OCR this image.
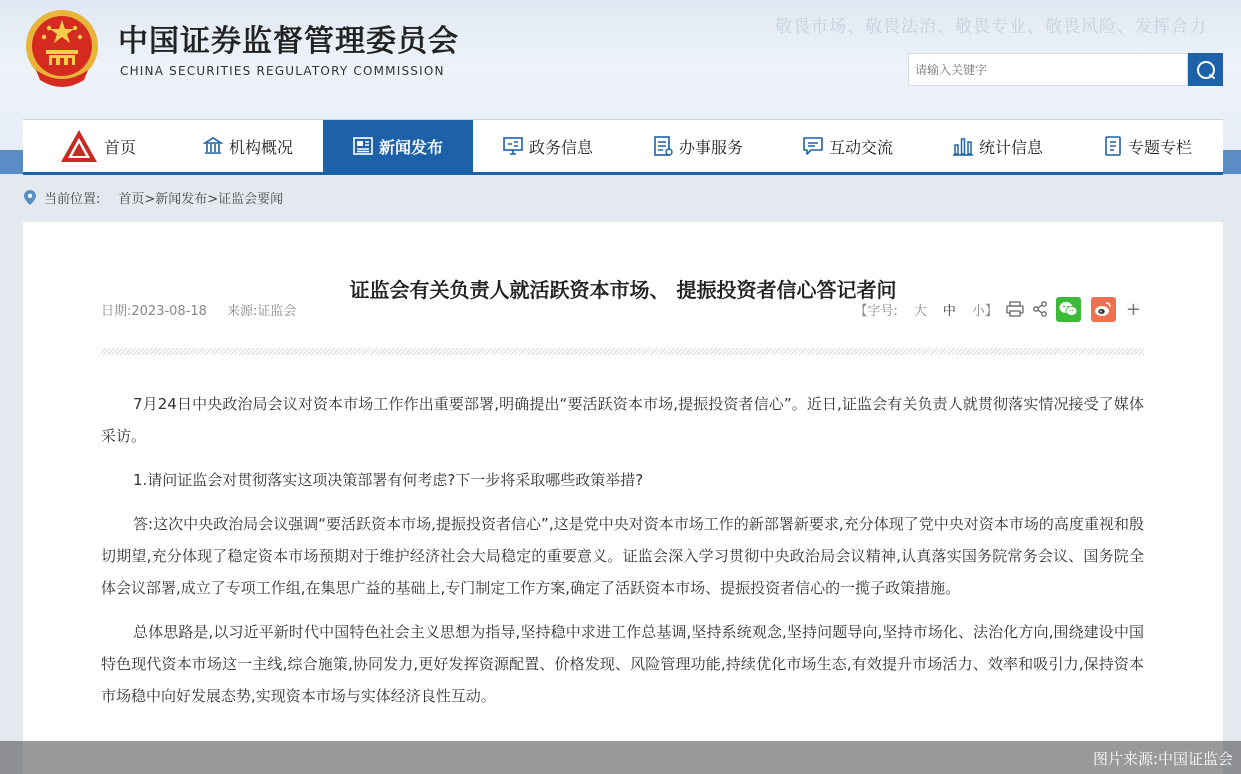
中国证券监督管理委员会
CHINA SECURITIES REGULATORY COMMISSION
敬畏市场、敬畏法治、敬畏专业、敬畏风险、发挥合力
请输入关键字
首页	机构概况	新闻发布	政务信息	办事服务	互动交流	统计信息	专题专栏
当前位置: 首页>新闻发布>证监会要闻
证监会有关负责人就活跃资本市场、 提振投资者信心答记者问
日期:2023-08-18 来源:证监会	【字号: 大 中 小】	+

7月24日中央政治局会议对资本市场工作作出重要部署,明确提出“要活跃资本市场,提振投资者信心”。近日,证监会有关负责人就贯彻落实情况接受了媒体采访。

1.请问证监会对贯彻落实这项决策部署有何考虑?下一步将采取哪些政策举措?

答:这次中央政治局会议强调“要活跃资本市场,提振投资者信心”,这是党中央对资本市场工作的新部署新要求,充分体现了党中央对资本市场的高度重视和殷切期望,充分体现了稳定资本市场预期对于维护经济社会大局稳定的重要意义。证监会深入学习贯彻中央政治局会议精神,认真落实国务院常务会议、国务院全体会议部署,成立了专项工作组,在集思广益的基础上,专门制定工作方案,确定了活跃资本市场、提振投资者信心的一揽子政策措施。

总体思路是,以习近平新时代中国特色社会主义思想为指导,坚持稳中求进工作总基调,坚持系统观念,坚持问题导向,坚持市场化、法治化方向,围绕建设中国特色现代资本市场这一主线,综合施策,协同发力,更好发挥资源配置、价格发现、风险管理功能,持续优化市场生态,有效提升市场活力、效率和吸引力,保持资本市场稳中向好发展态势,实现资本市场与实体经济良性互动。

图片来源:中国证监会
